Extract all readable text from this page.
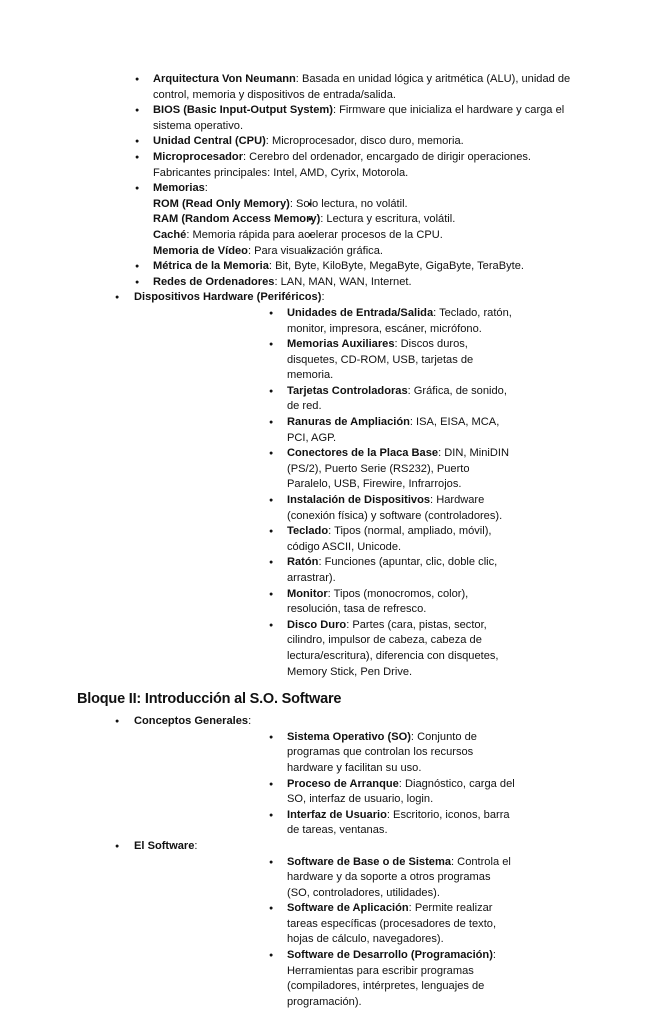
● Arquitectura Von Neumann: Basada en unidad lógica y aritmética (ALU), unidad de control, memoria y dispositivos de entrada/salida.
● BIOS (Basic Input-Output System): Firmware que inicializa el hardware y carga el sistema operativo.
● Unidad Central (CPU): Microprocesador, disco duro, memoria.
● Microprocesador: Cerebro del ordenador, encargado de dirigir operaciones. Fabricantes principales: Intel, AMD, Cyrix, Motorola.
● Memorias:
● ROM (Read Only Memory): Solo lectura, no volátil.
● RAM (Random Access Memory): Lectura y escritura, volátil.
● Caché: Memoria rápida para acelerar procesos de la CPU.
● Memoria de Vídeo: Para visualización gráfica.
● Métrica de la Memoria: Bit, Byte, KiloByte, MegaByte, GigaByte, TeraByte.
● Redes de Ordenadores: LAN, MAN, WAN, Internet.
● Dispositivos Hardware (Periféricos):
● Unidades de Entrada/Salida: Teclado, ratón, monitor, impresora, escáner, micrófono.
● Memorias Auxiliares: Discos duros, disquetes, CD-ROM, USB, tarjetas de memoria.
● Tarjetas Controladoras: Gráfica, de sonido, de red.
● Ranuras de Ampliación: ISA, EISA, MCA, PCI, AGP.
● Conectores de la Placa Base: DIN, MiniDIN (PS/2), Puerto Serie (RS232), Puerto Paralelo, USB, Firewire, Infrarrojos.
● Instalación de Dispositivos: Hardware (conexión física) y software (controladores).
● Teclado: Tipos (normal, ampliado, móvil), código ASCII, Unicode.
● Ratón: Funciones (apuntar, clic, doble clic, arrastrar).
● Monitor: Tipos (monocromos, color), resolución, tasa de refresco.
● Disco Duro: Partes (cara, pistas, sector, cilindro, impulsor de cabeza, cabeza de lectura/escritura), diferencia con disquetes, Memory Stick, Pen Drive.
Bloque II: Introducción al S.O. Software
● Conceptos Generales:
● Sistema Operativo (SO): Conjunto de programas que controlan los recursos hardware y facilitan su uso.
● Proceso de Arranque: Diagnóstico, carga del SO, interfaz de usuario, login.
● Interfaz de Usuario: Escritorio, iconos, barra de tareas, ventanas.
● El Software:
● Software de Base o de Sistema: Controla el hardware y da soporte a otros programas (SO, controladores, utilidades).
● Software de Aplicación: Permite realizar tareas específicas (procesadores de texto, hojas de cálculo, navegadores).
● Software de Desarrollo (Programación): Herramientas para escribir programas (compiladores, intérpretes, lenguajes de programación).
